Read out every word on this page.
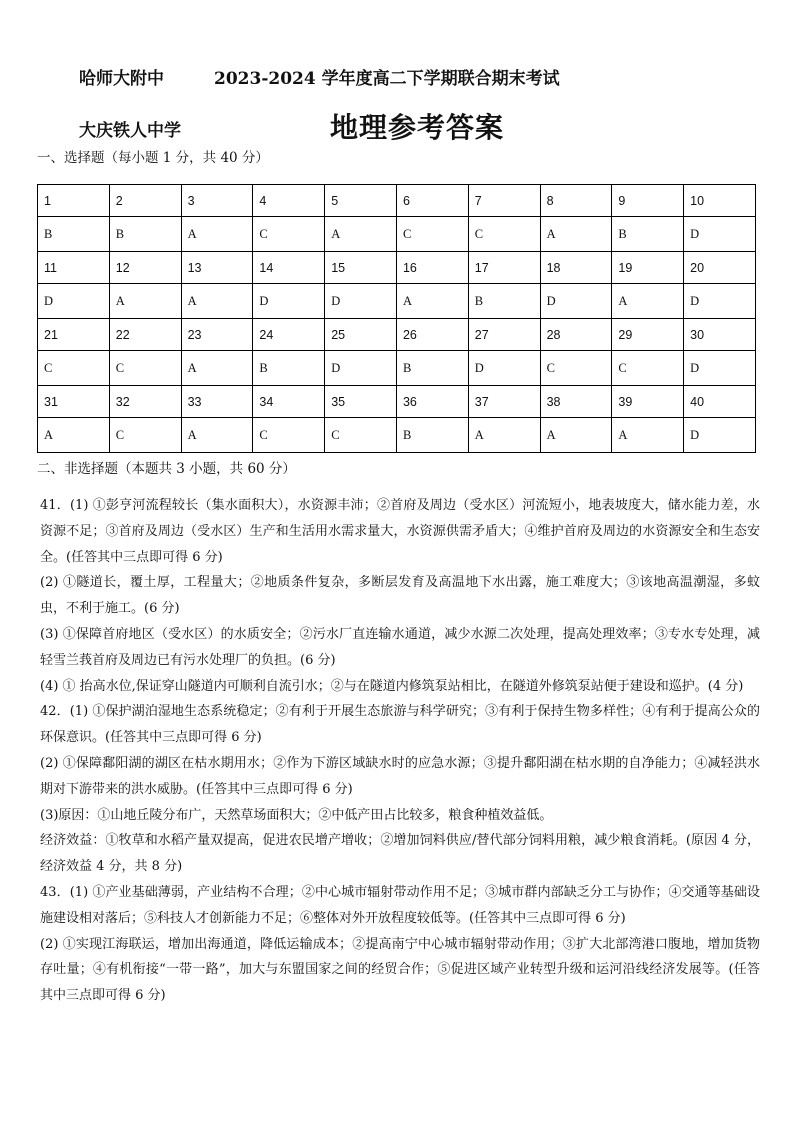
哈师大附中	2023-2024 学年度高二下学期联合期末考试
大庆铁人中学	地理参考答案
一、选择题（每小题 1 分，共 40 分）
1	2	3	4	5	6	7	8	9	10
B	B	A	C	A	C	C	A	B	D
11	12	13	14	15	16	17	18	19	20
D	A	A	D	D	A	B	D	A	D
21	22	23	24	25	26	27	28	29	30
C	C	A	B	D	B	D	C	C	D
31	32	33	34	35	36	37	38	39	40
A	C	A	C	C	B	A	A	A	D
二、非选择题（本题共 3 小题，共 60 分）

41．(1) ①彭亨河流程较长（集水面积大），水资源丰沛；②首府及周边（受水区）河流短小，地表坡度大，储水能力差，水资源不足；③首府及周边（受水区）生产和生活用水需求量大，水资源供需矛盾大；④维护首府及周边的水资源安全和生态安全。(任答其中三点即可得 6 分)

(2) ①隧道长，覆土厚，工程量大；②地质条件复杂，多断层发育及高温地下水出露，施工难度大；③该地高温潮湿，多蚊虫，不利于施工。(6 分)

(3) ①保障首府地区（受水区）的水质安全；②污水厂直连输水通道，减少水源二次处理，提高处理效率；③专水专处理，减轻雪兰莪首府及周边已有污水处理厂的负担。(6 分)

(4) ① 抬高水位,保证穿山隧道内可顺利自流引水；②与在隧道内修筑泵站相比，在隧道外修筑泵站便于建设和巡护。(4 分)

42．(1) ①保护湖泊湿地生态系统稳定；②有利于开展生态旅游与科学研究；③有利于保持生物多样性；④有利于提高公众的环保意识。(任答其中三点即可得 6 分)

(2) ①保障鄱阳湖的湖区在枯水期用水；②作为下游区域缺水时的应急水源；③提升鄱阳湖在枯水期的自净能力；④减轻洪水期对下游带来的洪水威胁。(任答其中三点即可得 6 分)

(3)原因：①山地丘陵分布广，天然草场面积大；②中低产田占比较多，粮食种植效益低。

经济效益：①牧草和水稻产量双提高，促进农民增产增收；②增加饲料供应/替代部分饲料用粮，减少粮食消耗。(原因 4 分，经济效益 4 分，共 8 分)

43．(1) ①产业基础薄弱，产业结构不合理；②中心城市辐射带动作用不足；③城市群内部缺乏分工与协作；④交通等基础设施建设相对落后；⑤科技人才创新能力不足；⑥整体对外开放程度较低等。(任答其中三点即可得 6 分)

(2) ①实现江海联运，增加出海通道，降低运输成本；②提高南宁中心城市辐射带动作用；③扩大北部湾港口腹地，增加货物存吐量；④有机衔接“一带一路”，加大与东盟国家之间的经贸合作；⑤促进区域产业转型升级和运河沿线经济发展等。(任答其中三点即可得 6 分)
